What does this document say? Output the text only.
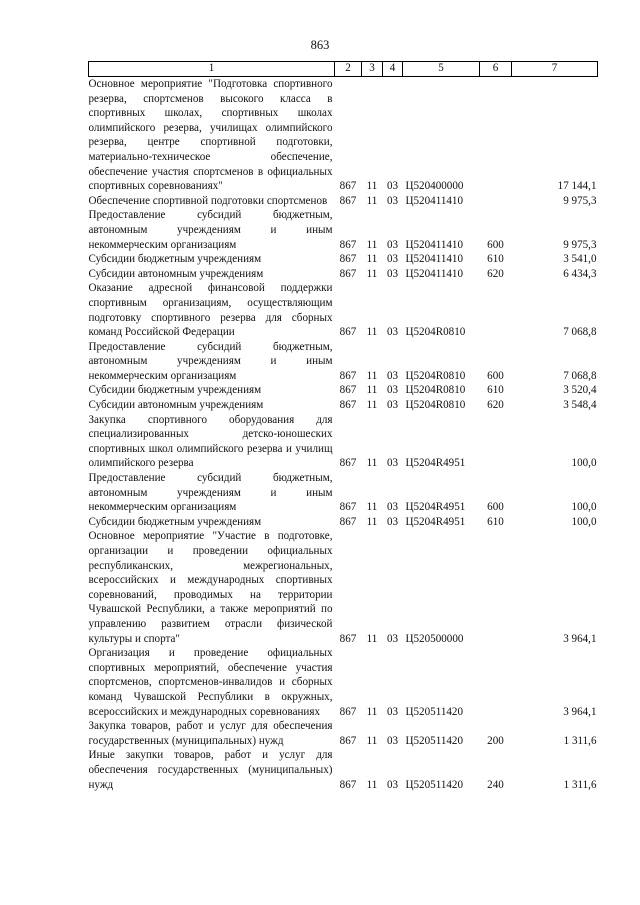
863
1	2	3	4	5	6	7
Основное мероприятие "Подготовка спортивного резерва, спортсменов высокого класса в спортивных школах, спортивных школах олимпийского резерва, училищах олимпийского резерва, центре спортивной подготовки, материально-техническое обеспечение, обеспечение участия спортсменов в официальных спортивных соревнованиях"	867	11	03	Ц520400000		17 144,1
Обеспечение спортивной подготовки спортсменов	867	11	03	Ц520411410		9 975,3
Предоставление субсидий бюджетным, автономным учреждениям и иным некоммерческим организациям	867	11	03	Ц520411410	600	9 975,3
Субсидии бюджетным учреждениям	867	11	03	Ц520411410	610	3 541,0
Субсидии автономным учреждениям	867	11	03	Ц520411410	620	6 434,3
Оказание адресной финансовой поддержки спортивным организациям, осуществляющим подготовку спортивного резерва для сборных команд Российской Федерации	867	11	03	Ц5204R0810		7 068,8
Предоставление субсидий бюджетным, автономным учреждениям и иным некоммерческим организациям	867	11	03	Ц5204R0810	600	7 068,8
Субсидии бюджетным учреждениям	867	11	03	Ц5204R0810	610	3 520,4
Субсидии автономным учреждениям	867	11	03	Ц5204R0810	620	3 548,4
Закупка спортивного оборудования для специализированных детско-юношеских спортивных школ олимпийского резерва и училищ олимпийского резерва	867	11	03	Ц5204R4951		100,0
Предоставление субсидий бюджетным, автономным учреждениям и иным некоммерческим организациям	867	11	03	Ц5204R4951	600	100,0
Субсидии бюджетным учреждениям	867	11	03	Ц5204R4951	610	100,0
Основное мероприятие "Участие в подготовке, организации и проведении официальных республиканских, межрегиональных, всероссийских и международных спортивных соревнований, проводимых на территории Чувашской Республики, а также мероприятий по управлению развитием отрасли физической культуры и спорта"	867	11	03	Ц520500000		3 964,1
Организация и проведение официальных спортивных мероприятий, обеспечение участия спортсменов, спортсменов-инвалидов и сборных команд Чувашской Республики в окружных, всероссийских и международных соревнованиях	867	11	03	Ц520511420		3 964,1
Закупка товаров, работ и услуг для обеспечения государственных (муниципальных) нужд	867	11	03	Ц520511420	200	1 311,6
Иные закупки товаров, работ и услуг для обеспечения государственных (муниципальных) нужд	867	11	03	Ц520511420	240	1 311,6
